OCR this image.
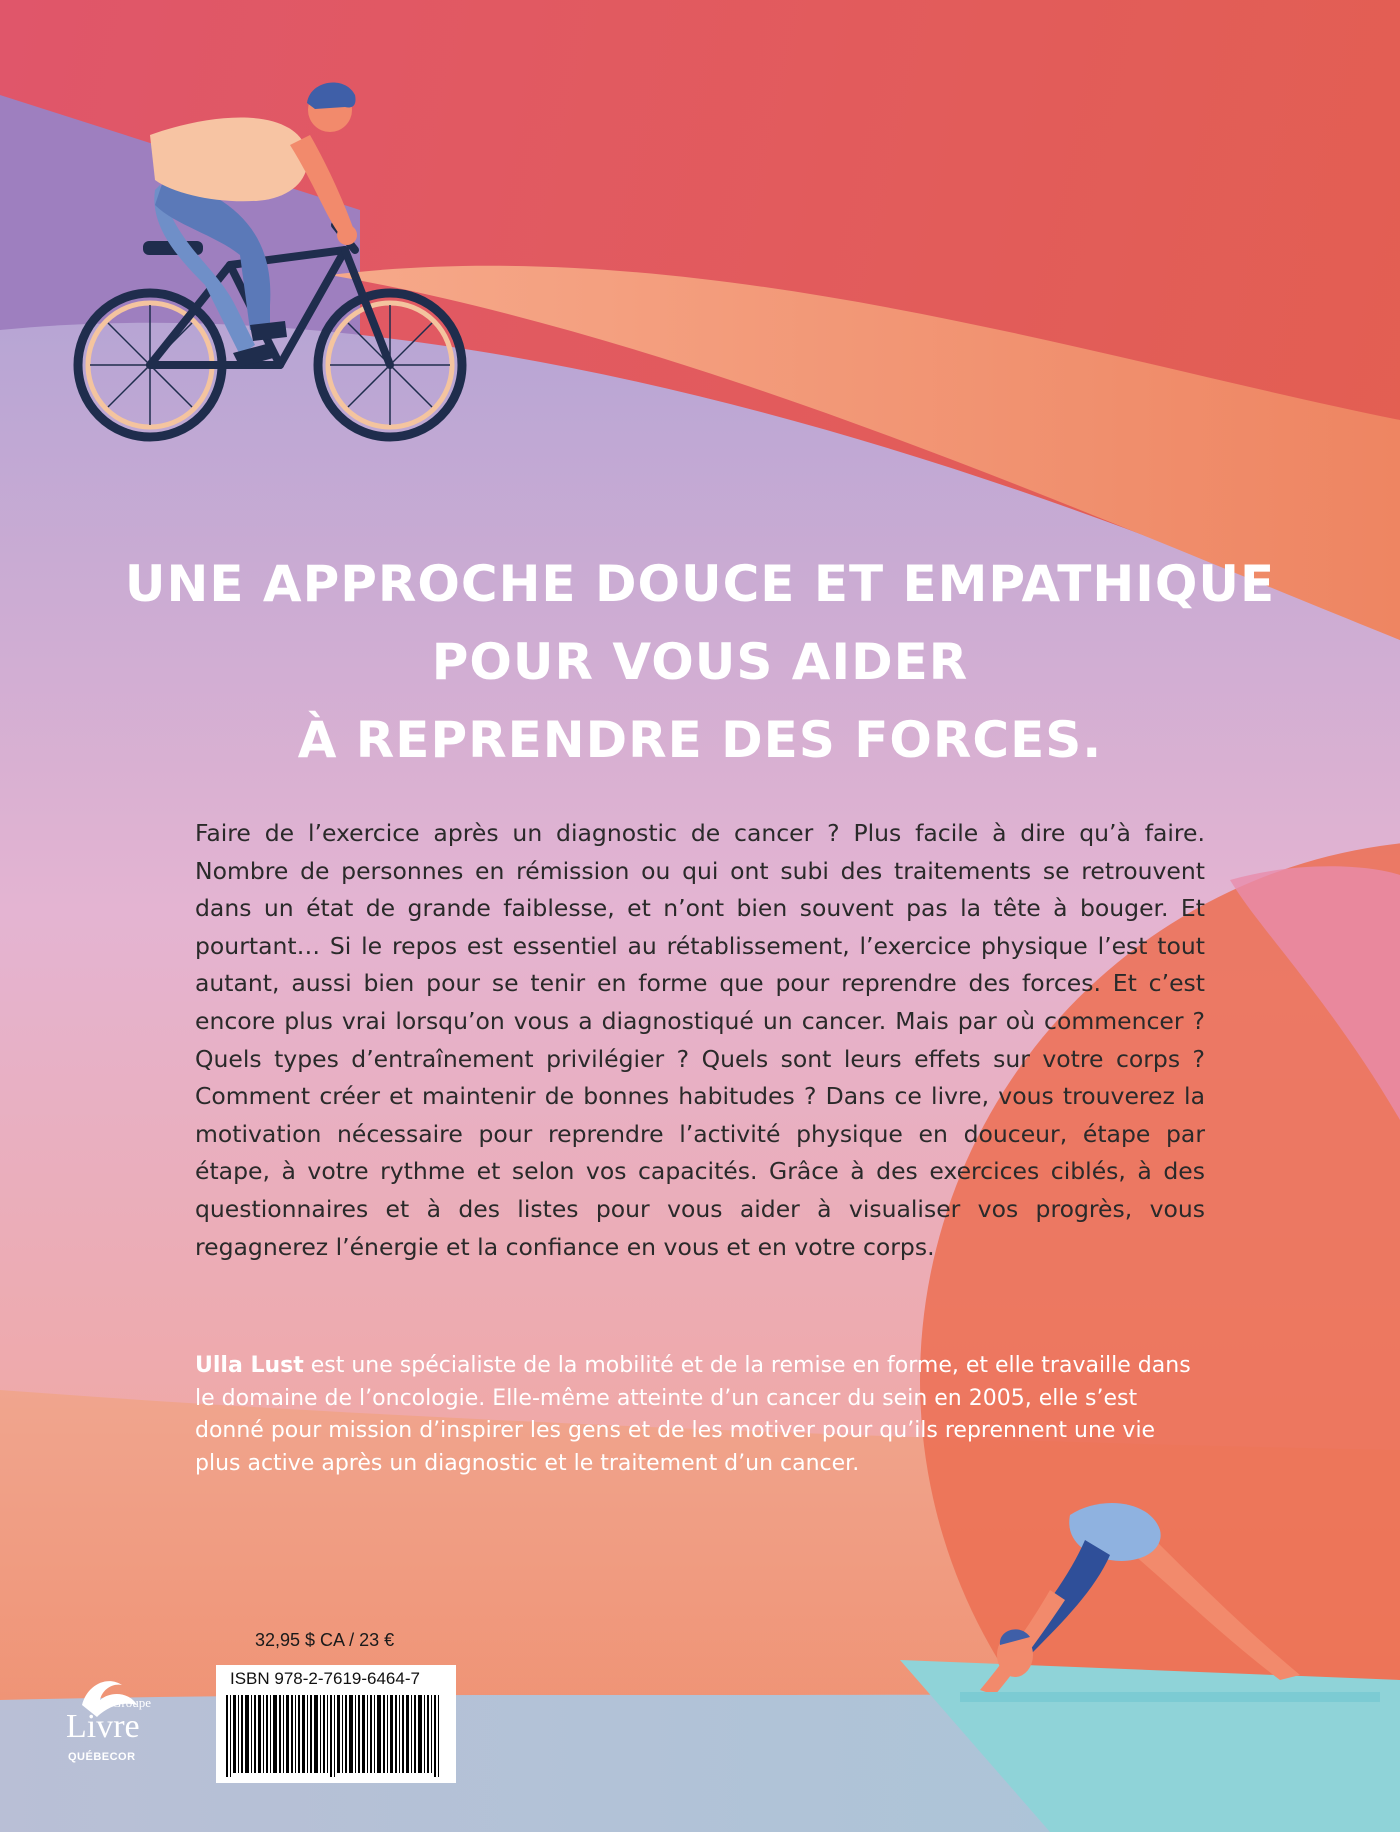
UNE APPROCHE DOUCE ET EMPATHIQUE
POUR VOUS AIDER
À REPRENDRE DES FORCES.
Faire de l’exercice après un diagnostic de cancer ? Plus facile à dire qu’à faire. Nombre de personnes en rémission ou qui ont subi des traitements se retrouvent dans un état de grande faiblesse, et n’ont bien souvent pas la tête à bouger. Et pourtant… Si le repos est essentiel au rétablissement, l’exercice physique l’est tout autant, aussi bien pour se tenir en forme que pour reprendre des forces. Et c’est encore plus vrai lorsqu’on vous a diagnostiqué un cancer. Mais par où commencer ? Quels types d’entraînement privilégier ? Quels sont leurs effets sur votre corps ? Comment créer et maintenir de bonnes habitudes ? Dans ce livre, vous trouverez la motivation nécessaire pour reprendre l’activité physique en douceur, étape par étape, à votre rythme et selon vos capacités. Grâce à des exercices ciblés, à des questionnaires et à des listes pour vous aider à visualiser vos progrès, vous regagnerez l’énergie et la confiance en vous et en votre corps.
Ulla Lust est une spécialiste de la mobilité et de la remise en forme, et elle travaille dans le domaine de l’oncologie. Elle-même atteinte d’un cancer du sein en 2005, elle s’est donné pour mission d’inspirer les gens et de les motiver pour qu’ils reprennent une vie plus active après un diagnostic et le traitement d’un cancer.
32,95 $ CA / 23 €
ISBN 978-2-7619-6464-7
Groupe
Livre
QUÉBECOR
